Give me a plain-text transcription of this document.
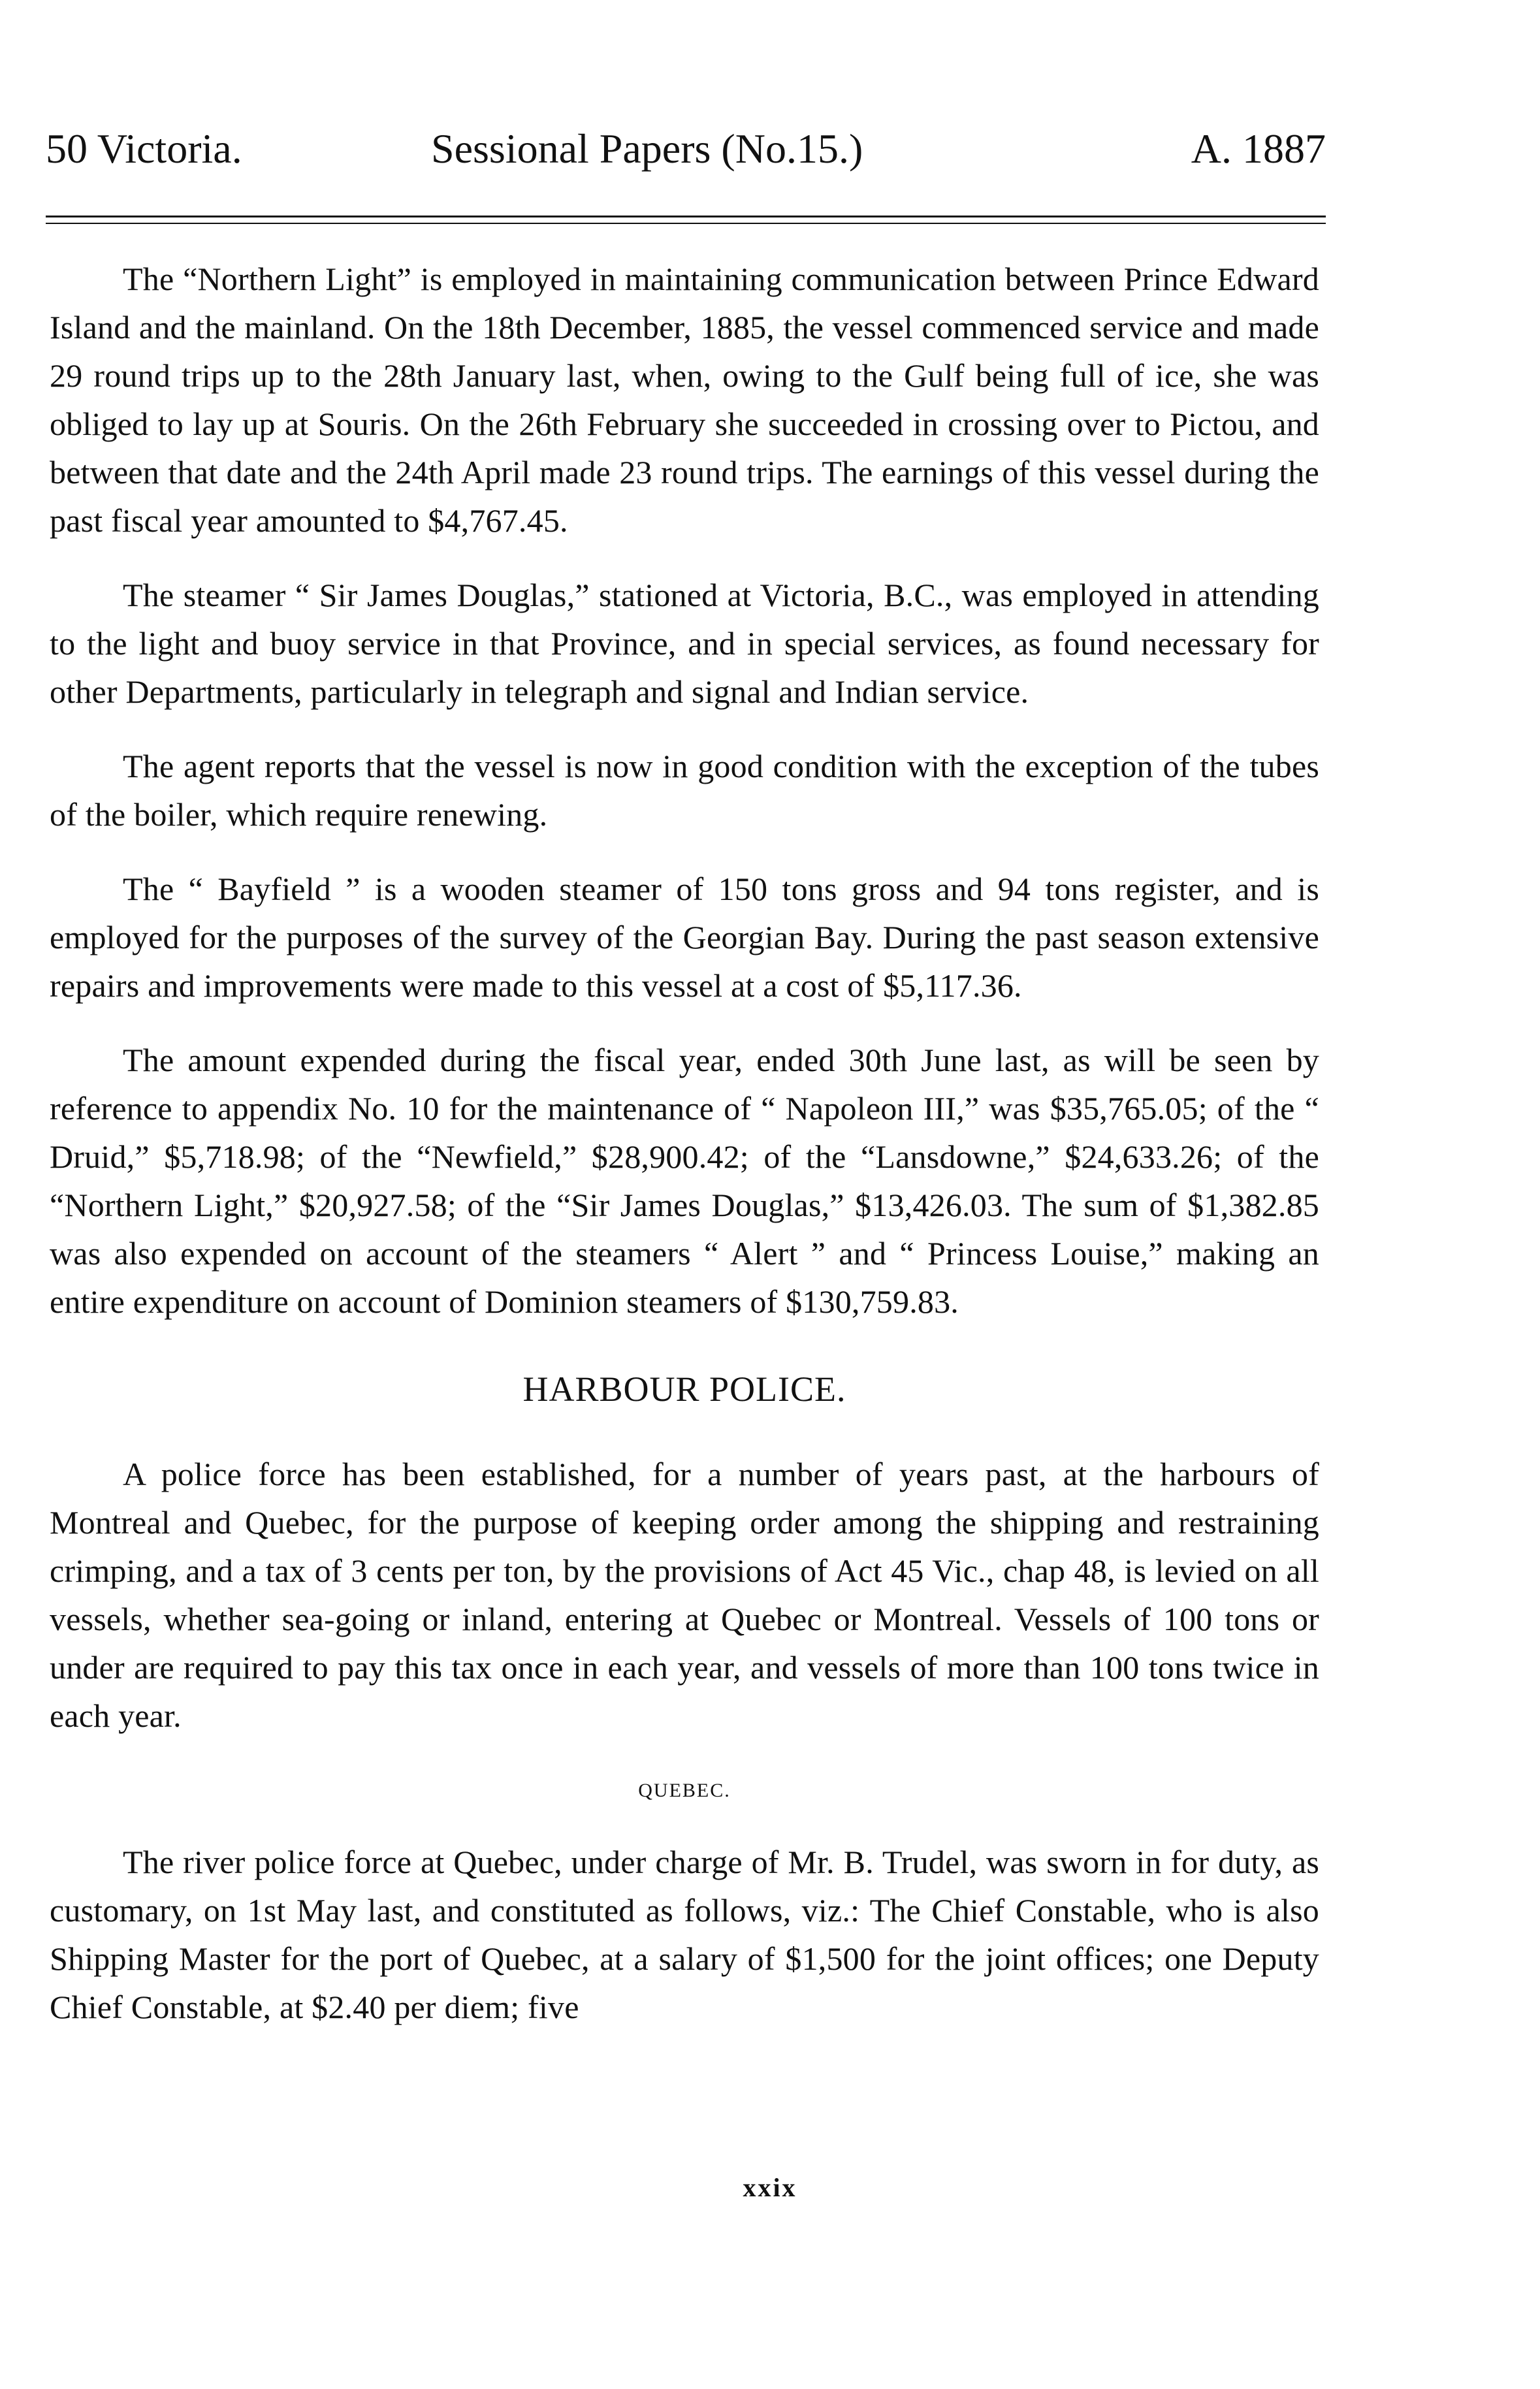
50 Victoria.	Sessional Papers (No.15.)	A. 1887

The “Northern Light” is employed in maintaining communication between Prince Edward Island and the mainland. On the 18th December, 1885, the vessel commenced service and made 29 round trips up to the 28th January last, when, owing to the Gulf being full of ice, she was obliged to lay up at Souris. On the 26th February she succeeded in crossing over to Pictou, and between that date and the 24th April made 23 round trips. The earnings of this vessel during the past fiscal year amounted to $4,767.45.

The steamer “ Sir James Douglas,” stationed at Victoria, B.C., was employed in attending to the light and buoy service in that Province, and in special services, as found necessary for other Departments, particularly in telegraph and signal and Indian service.

The agent reports that the vessel is now in good condition with the exception of the tubes of the boiler, which require renewing.

The “ Bayfield ” is a wooden steamer of 150 tons gross and 94 tons register, and is employed for the purposes of the survey of the Georgian Bay. During the past season extensive repairs and improvements were made to this vessel at a cost of $5,117.36.

The amount expended during the fiscal year, ended 30th June last, as will be seen by reference to appendix No. 10 for the maintenance of “ Napoleon III,” was $35,765.05; of the “ Druid,” $5,718.98; of the “Newfield,” $28,900.42; of the “Lansdowne,” $24,633.26; of the “Northern Light,” $20,927.58; of the “Sir James Douglas,” $13,426.03. The sum of $1,382.85 was also expended on account of the steamers “ Alert ” and “ Princess Louise,” making an entire expenditure on account of Dominion steamers of $130,759.83.

HARBOUR POLICE.

A police force has been established, for a number of years past, at the harbours of Montreal and Quebec, for the purpose of keeping order among the shipping and restraining crimping, and a tax of 3 cents per ton, by the provisions of Act 45 Vic., chap 48, is levied on all vessels, whether sea-going or inland, entering at Quebec or Montreal. Vessels of 100 tons or under are required to pay this tax once in each year, and vessels of more than 100 tons twice in each year.

QUEBEC.

The river police force at Quebec, under charge of Mr. B. Trudel, was sworn in for duty, as customary, on 1st May last, and constituted as follows, viz.: The Chief Constable, who is also Shipping Master for the port of Quebec, at a salary of $1,500 for the joint offices; one Deputy Chief Constable, at $2.40 per diem; five

xxix
